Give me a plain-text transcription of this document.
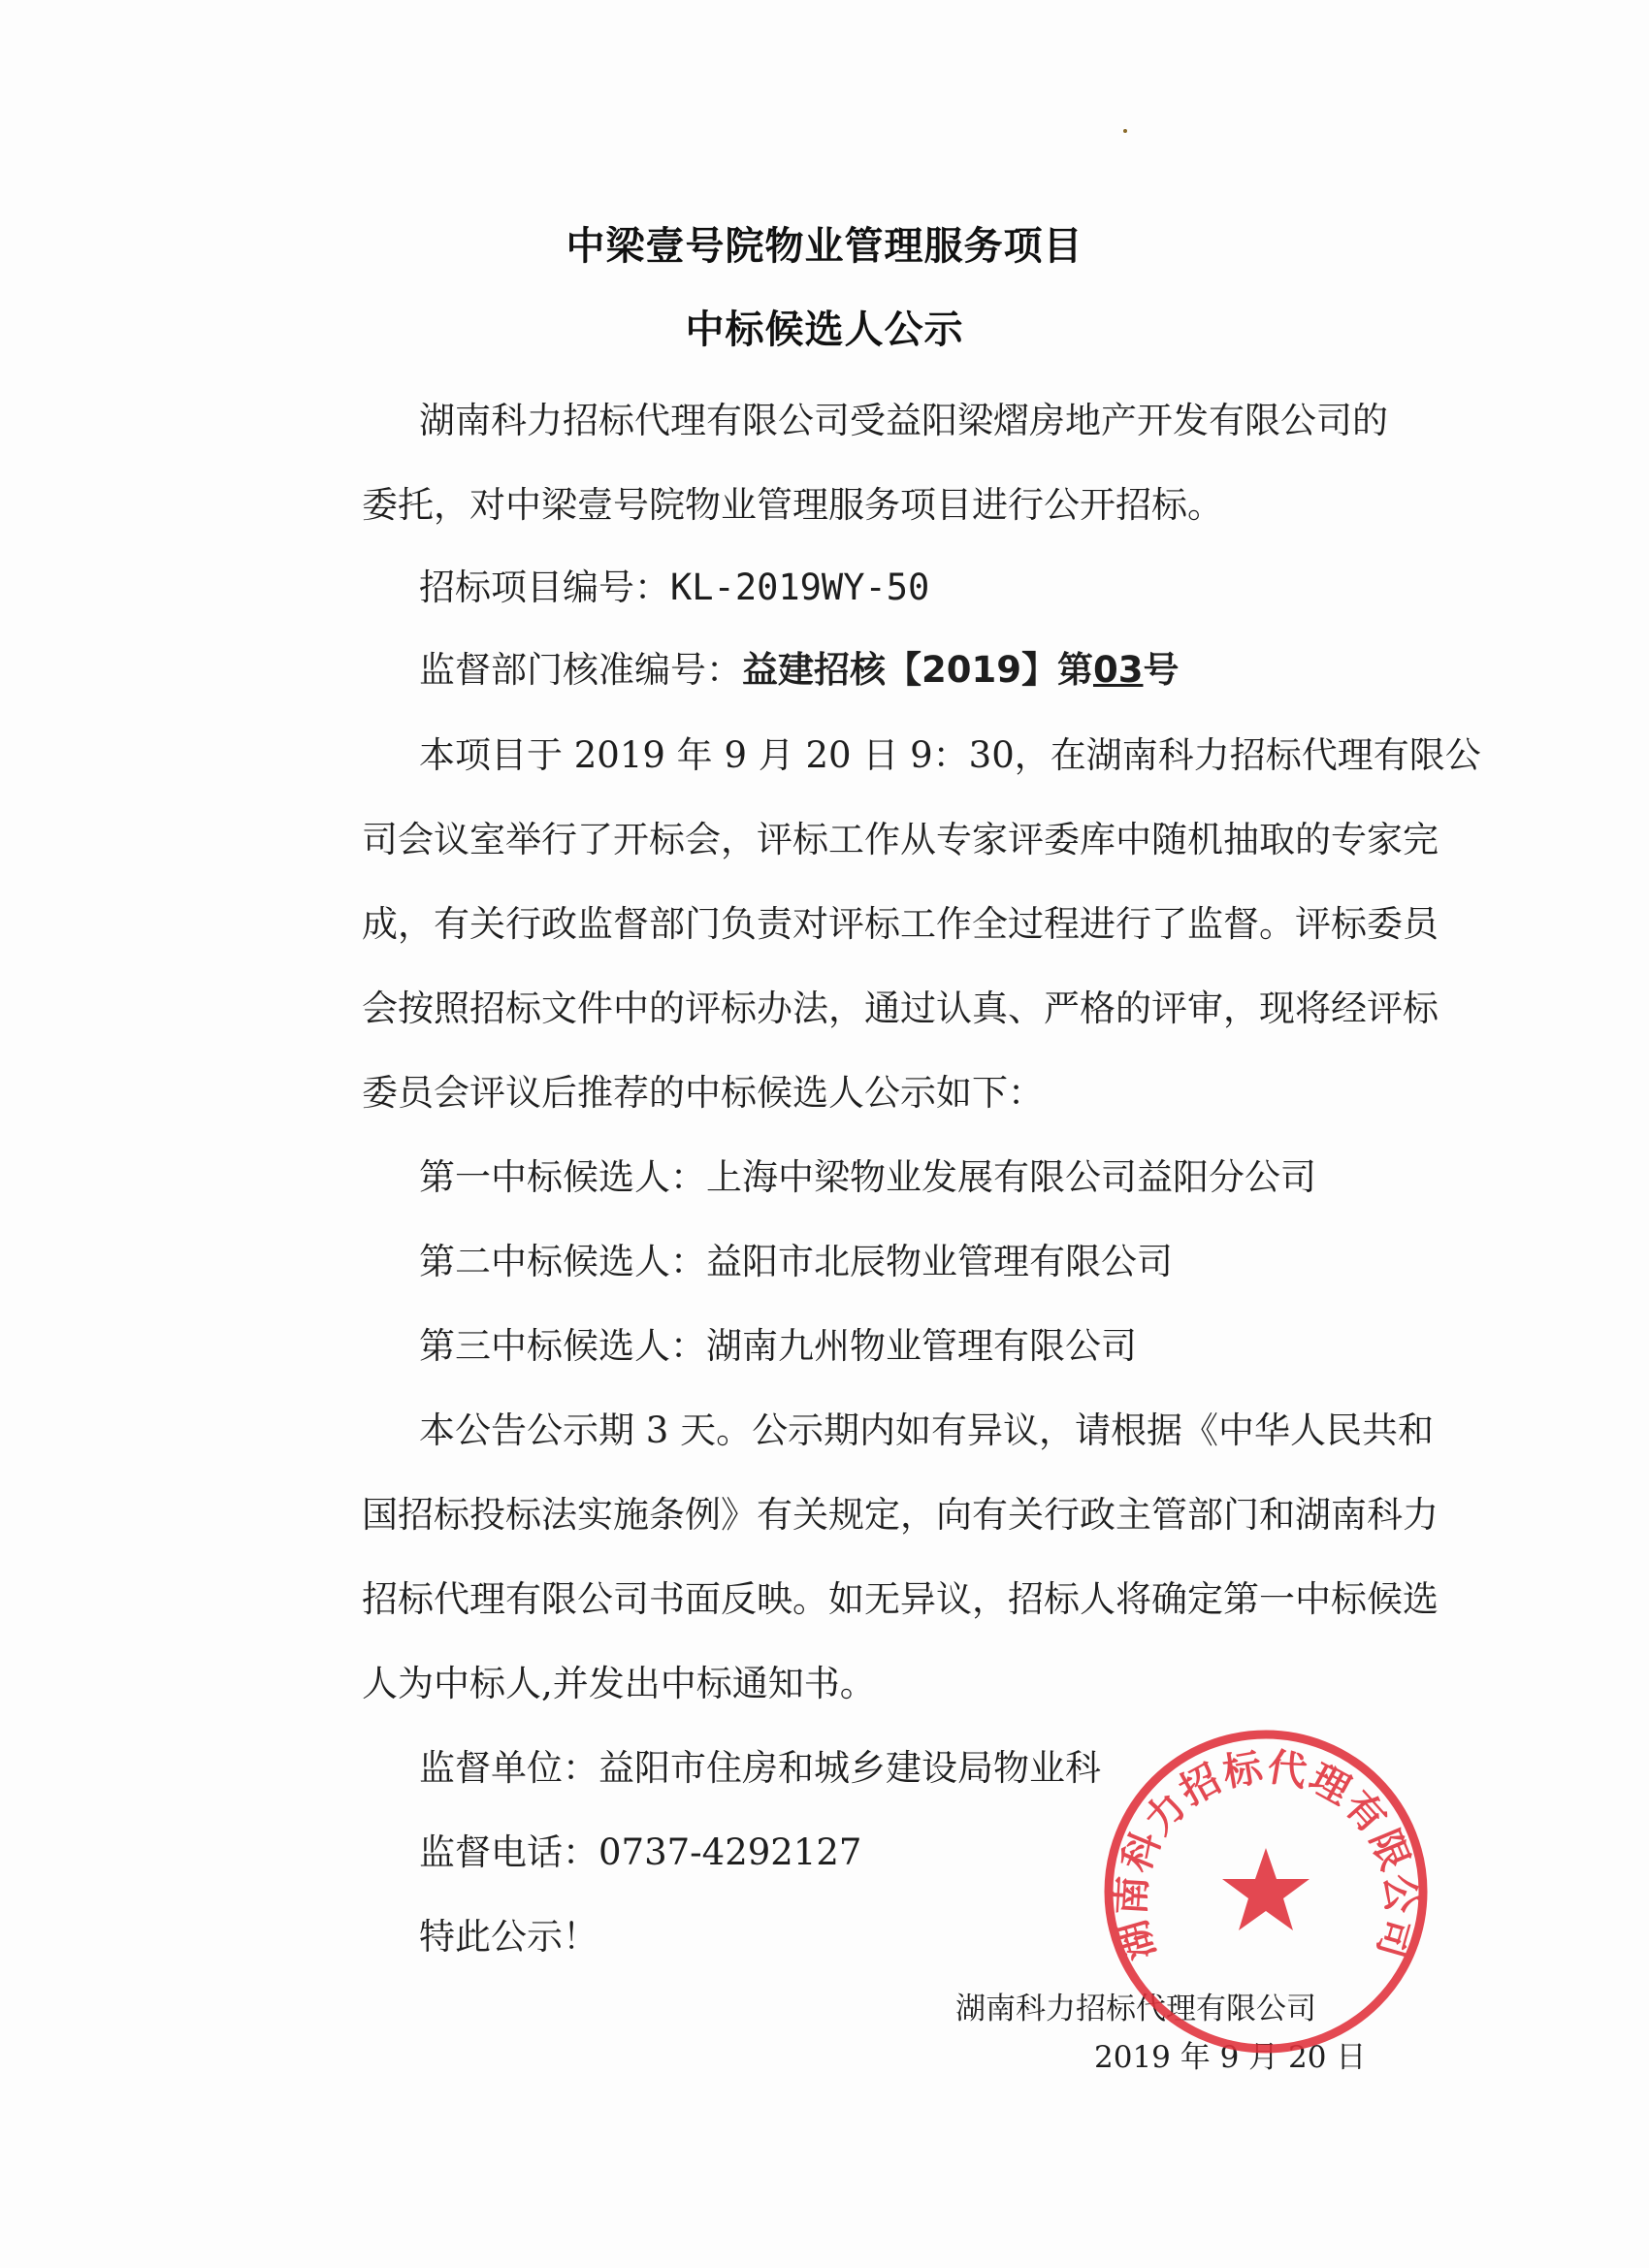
中梁壹号院物业管理服务项目
中标候选人公示
湖南科力招标代理有限公司受益阳梁熠房地产开发有限公司的
委托，对中梁壹号院物业管理服务项目进行公开招标。
招标项目编号：KL-2019WY-50
监督部门核准编号：益建招核【2019】第03号
本项目于 2019 年 9 月 20 日 9：30，在湖南科力招标代理有限公
司会议室举行了开标会，评标工作从专家评委库中随机抽取的专家完
成，有关行政监督部门负责对评标工作全过程进行了监督。评标委员
会按照招标文件中的评标办法，通过认真、严格的评审，现将经评标
委员会评议后推荐的中标候选人公示如下：
第一中标候选人：上海中梁物业发展有限公司益阳分公司
第二中标候选人：益阳市北辰物业管理有限公司
第三中标候选人：湖南九州物业管理有限公司
本公告公示期 3 天。公示期内如有异议，请根据《中华人民共和
国招标投标法实施条例》有关规定，向有关行政主管部门和湖南科力
招标代理有限公司书面反映。如无异议，招标人将确定第一中标候选
人为中标人,并发出中标通知书。
监督单位：益阳市住房和城乡建设局物业科
监督电话：0737-4292127
特此公示！
湖南科力招标代理有限公司
2019 年 9 月 20 日
湖南科力招标代理有限公司
